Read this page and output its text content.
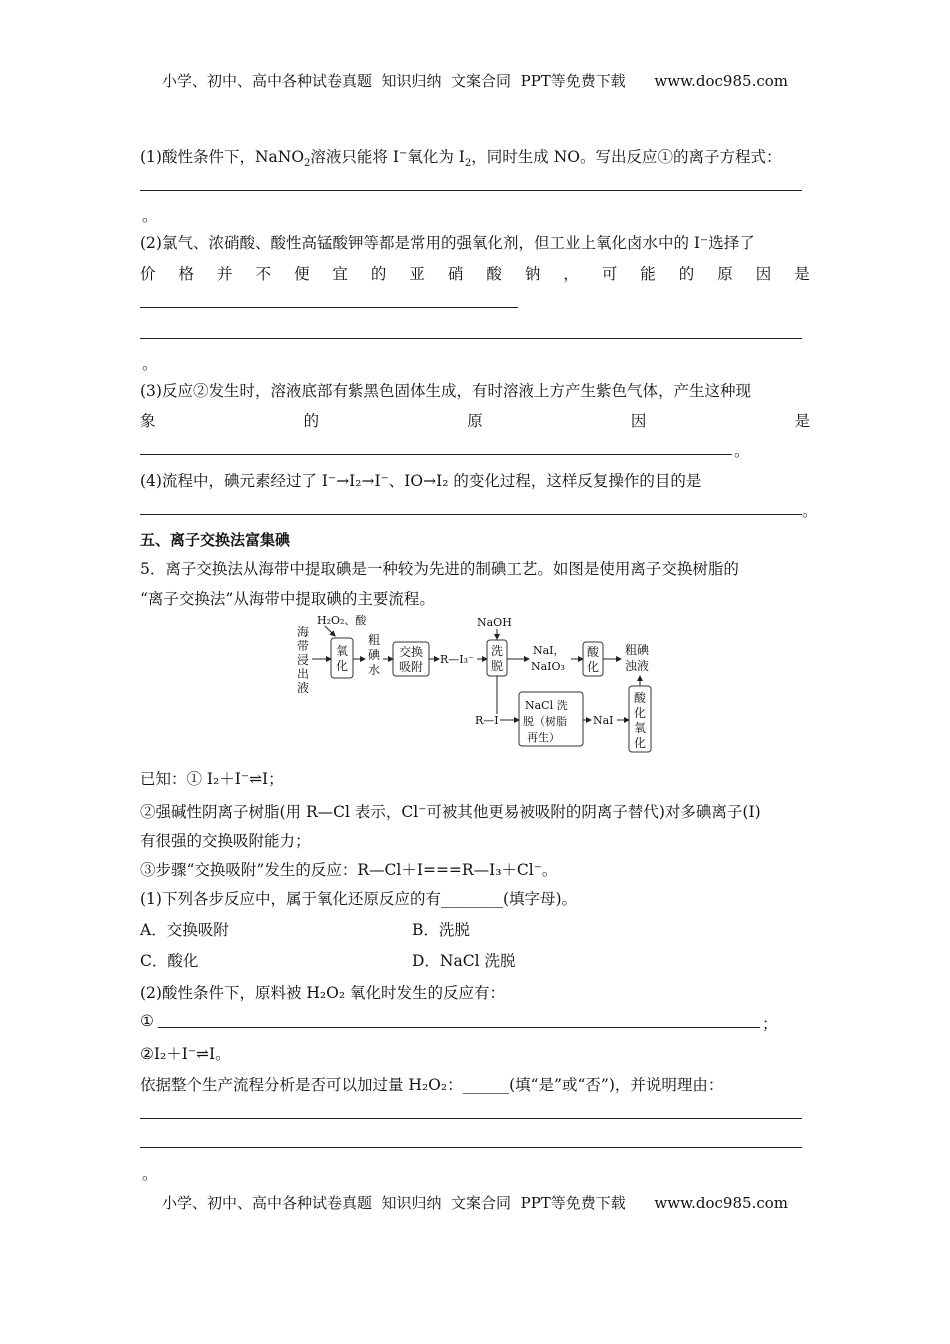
小学、初中、高中各种试卷真题  知识归纳  文案合同  PPT等免费下载      www.doc985.com
(1)酸性条件下，NaNO$_2$溶液只能将 I−氧化为 $I_2$，同时生成 NO。写出反应①的离子方程式：
。
(2)氯气、浓硝酸、酸性高锰酸钾等都是常用的强氧化剂，但工业上氧化卤水中的 I⁻选择了
价 格 并 不 便 宜 的 亚 硝 酸 钠 ， 可 能 的 原 因 是
。
(3)反应②发生时，溶液底部有紫黑色固体生成，有时溶液上方产生紫色气体，产生这种现
象	的	原	因	是
。
(4)流程中，碘元素经过了 I⁻→I₂→I⁻、IO→I₂ 的变化过程，这样反复操作的目的是
。
五、离子交换法富集碘
5．离子交换法从海带中提取碘是一种较为先进的制碘工艺。如图是使用离子交换树脂的
“离子交换法”从海带中提取碘的主要流程。
海
带
浸
出
液
H₂O₂、酸
氧
化
粗
碘
水
交换
吸附
R—I₃⁻
NaOH
洗
脱
NaI，
NaIO₃
酸
化
粗碘
浊液
R—I
NaCl 洗
脱（树脂
再生）
NaI
酸
化
氧
化
已知：① I₂＋I⁻⇌I；
②强碱性阴离子树脂(用 R—Cl 表示，Cl⁻可被其他更易被吸附的阴离子替代)对多碘离子(I)
有很强的交换吸附能力；
③步骤“交换吸附”发生的反应：R—Cl＋I===R—I₃＋Cl⁻。
(1)下列各步反应中，属于氧化还原反应的有________(填字母)。
A．交换吸附	B．洗脱
C．酸化	D．NaCl 洗脱
(2)酸性条件下，原料被 H₂O₂ 氧化时发生的反应有：
①	；
②I₂＋I⁻⇌I。
依据整个生产流程分析是否可以加过量 H₂O₂：______(填“是”或“否”)，并说明理由：
。
小学、初中、高中各种试卷真题  知识归纳  文案合同  PPT等免费下载      www.doc985.com
